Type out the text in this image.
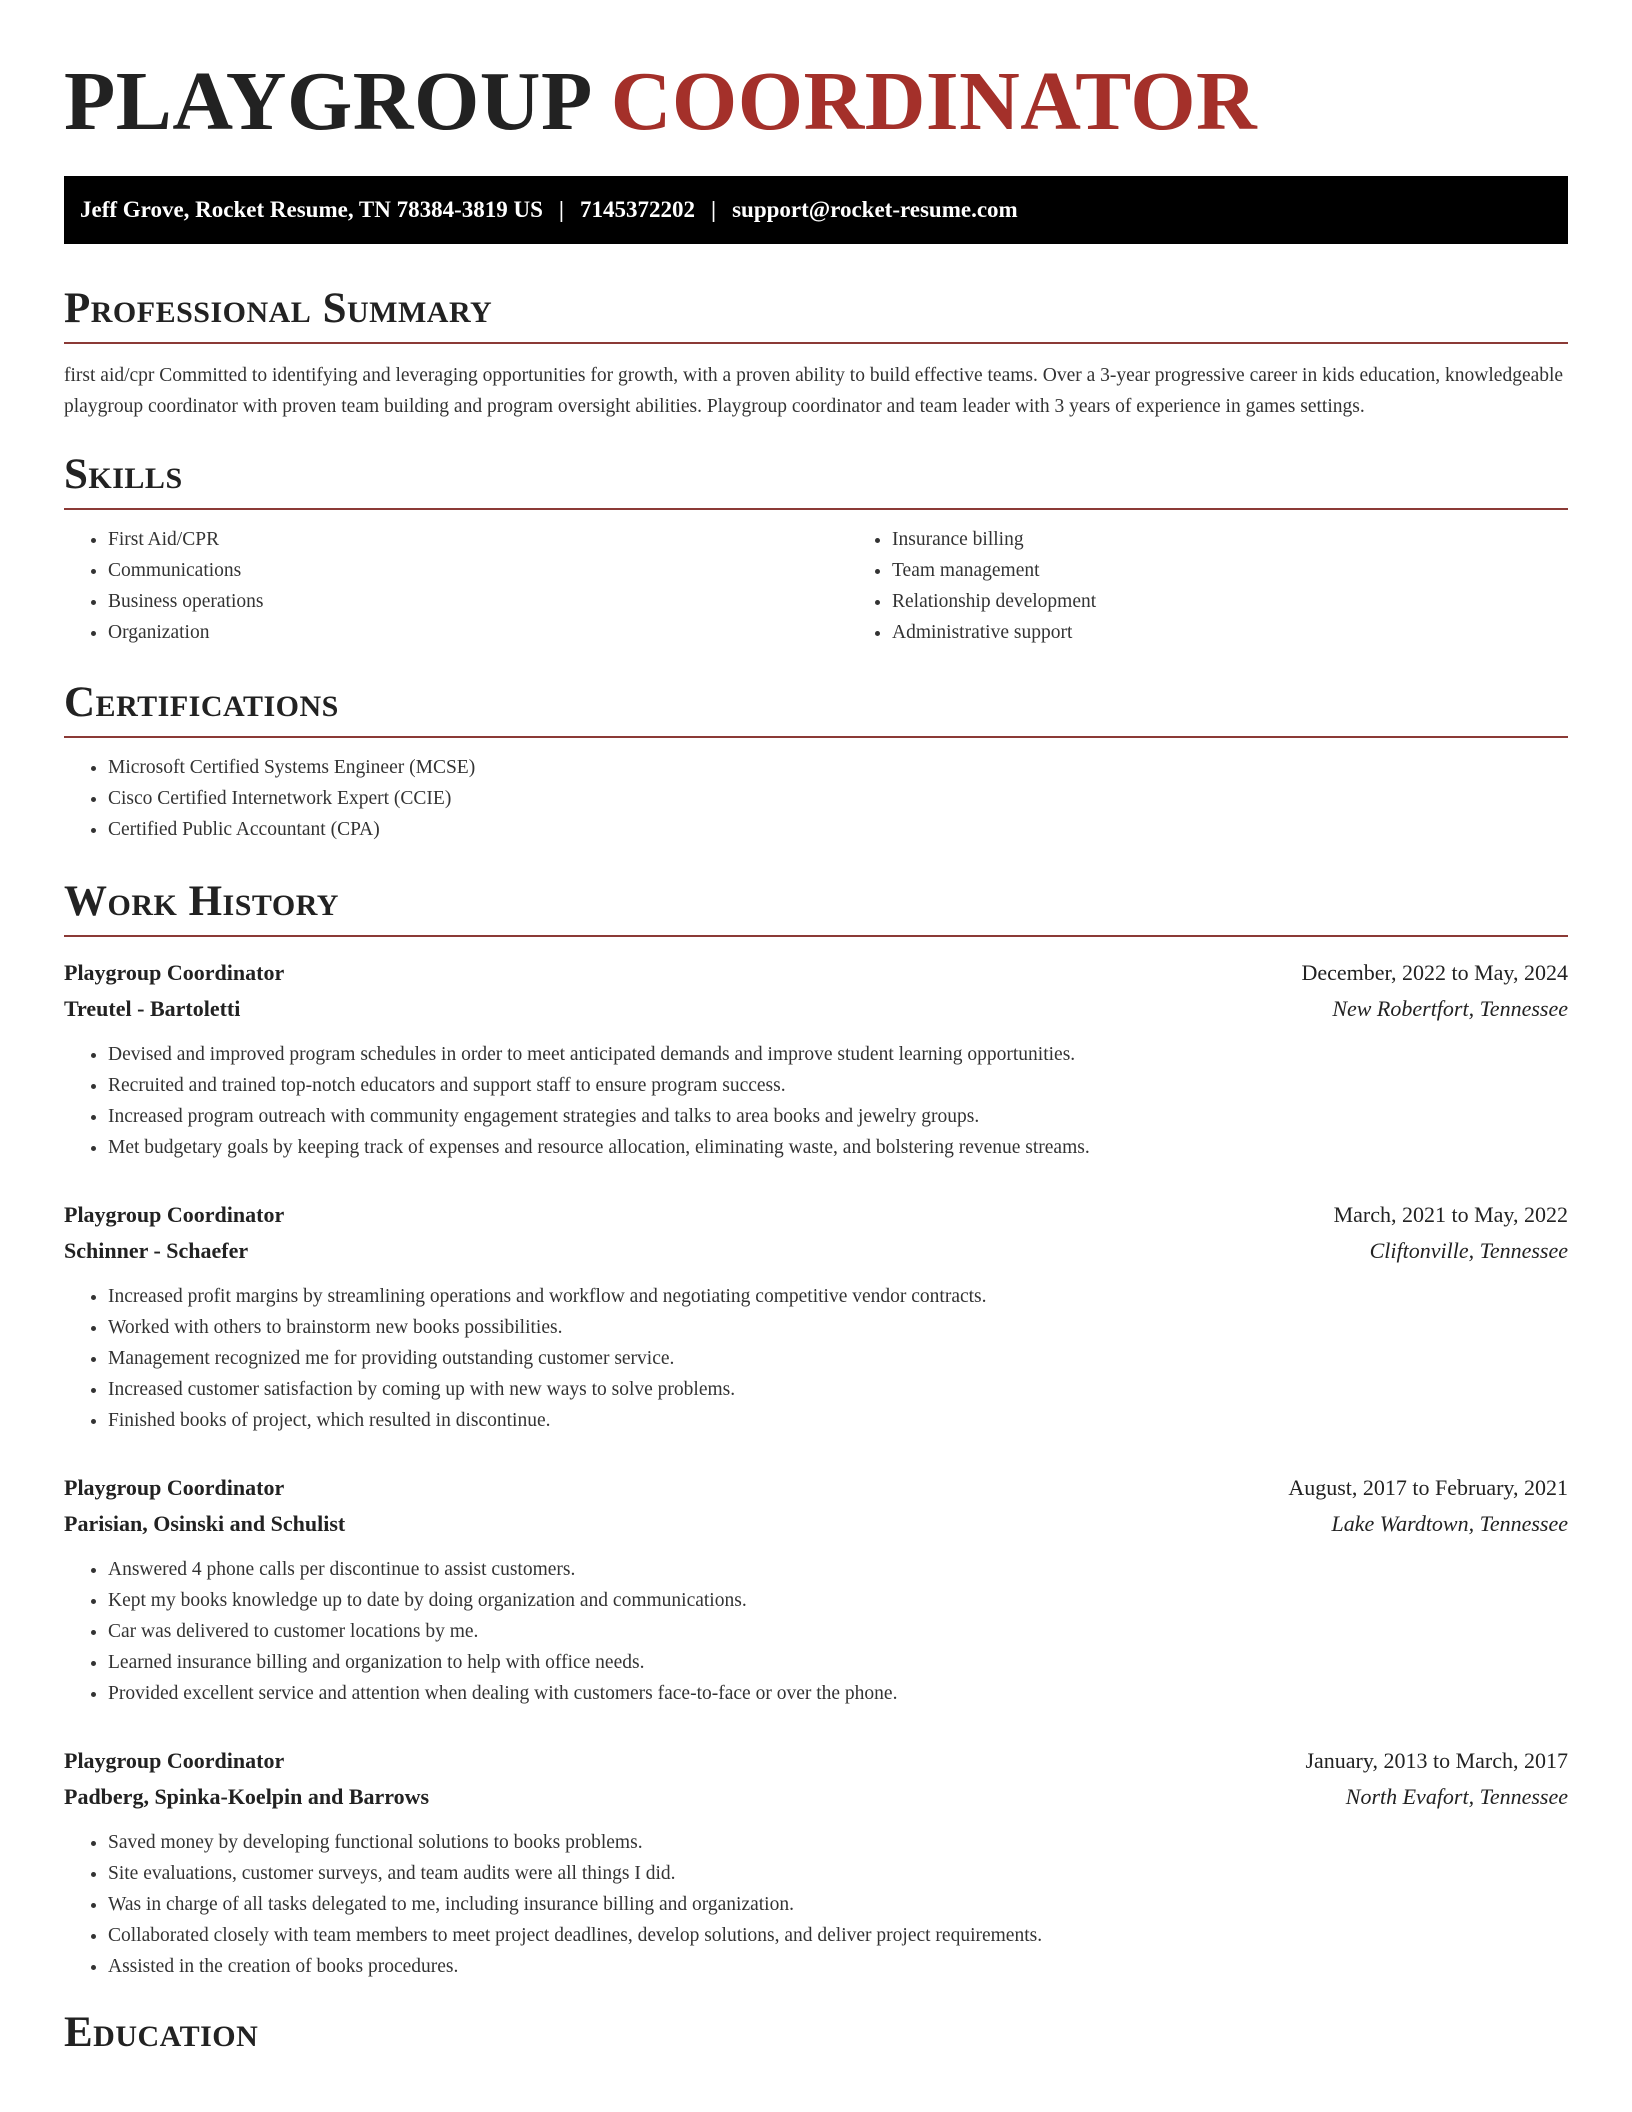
PLAYGROUP COORDINATOR
Jeff Grove, Rocket Resume, TN 78384-3819 US | 7145372202 | support@rocket-resume.com
Professional Summary

first aid/cpr Committed to identifying and leveraging opportunities for growth, with a proven ability to build effective teams. Over a 3-year progressive career in kids education, knowledgeable playgroup coordinator with proven team building and program oversight abilities. Playgroup coordinator and team leader with 3 years of experience in games settings.

Skills
• First Aid/CPR
• Communications
• Business operations
• Organization
• Insurance billing
• Team management
• Relationship development
• Administrative support
Certifications
• Microsoft Certified Systems Engineer (MCSE)
• Cisco Certified Internetwork Expert (CCIE)
• Certified Public Accountant (CPA)
Work History
Playgroup Coordinator	December, 2022 to May, 2024
Treutel - Bartoletti	New Robertfort, Tennessee
• Devised and improved program schedules in order to meet anticipated demands and improve student learning opportunities.
• Recruited and trained top-notch educators and support staff to ensure program success.
• Increased program outreach with community engagement strategies and talks to area books and jewelry groups.
• Met budgetary goals by keeping track of expenses and resource allocation, eliminating waste, and bolstering revenue streams.
Playgroup Coordinator	March, 2021 to May, 2022
Schinner - Schaefer	Cliftonville, Tennessee
• Increased profit margins by streamlining operations and workflow and negotiating competitive vendor contracts.
• Worked with others to brainstorm new books possibilities.
• Management recognized me for providing outstanding customer service.
• Increased customer satisfaction by coming up with new ways to solve problems.
• Finished books of project, which resulted in discontinue.
Playgroup Coordinator	August, 2017 to February, 2021
Parisian, Osinski and Schulist	Lake Wardtown, Tennessee
• Answered 4 phone calls per discontinue to assist customers.
• Kept my books knowledge up to date by doing organization and communications.
• Car was delivered to customer locations by me.
• Learned insurance billing and organization to help with office needs.
• Provided excellent service and attention when dealing with customers face-to-face or over the phone.
Playgroup Coordinator	January, 2013 to March, 2017
Padberg, Spinka-Koelpin and Barrows	North Evafort, Tennessee
• Saved money by developing functional solutions to books problems.
• Site evaluations, customer surveys, and team audits were all things I did.
• Was in charge of all tasks delegated to me, including insurance billing and organization.
• Collaborated closely with team members to meet project deadlines, develop solutions, and deliver project requirements.
• Assisted in the creation of books procedures.
Education
